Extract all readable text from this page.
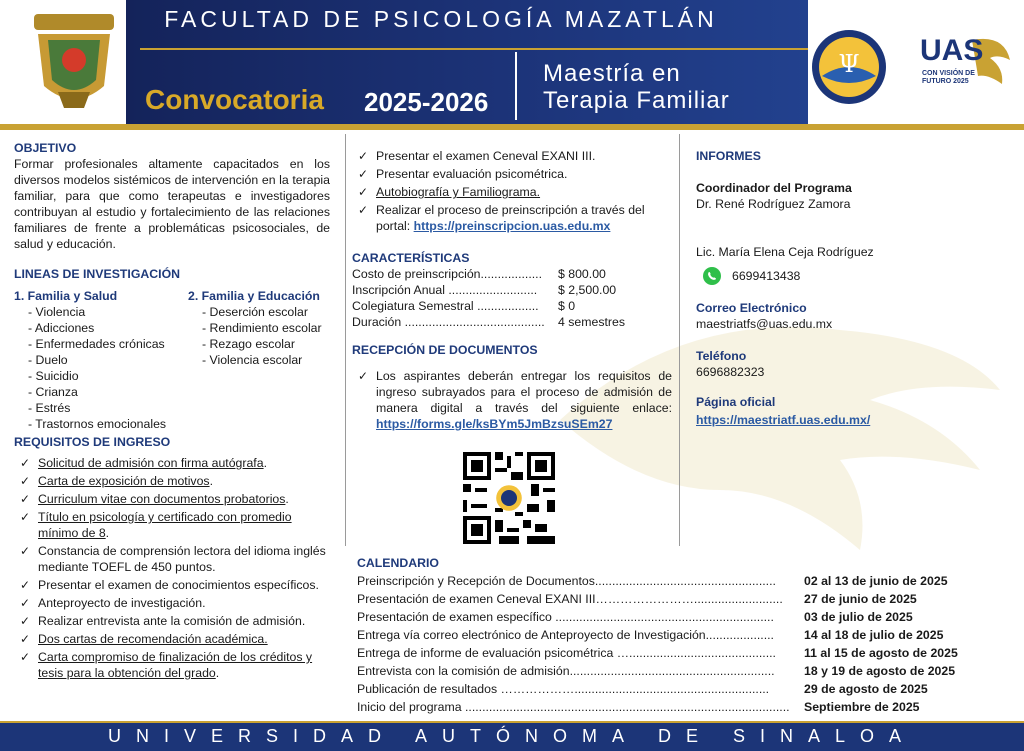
FACULTAD DE PSICOLOGÍA MAZATLÁN
Convocatoria 2025-2026
Maestría en
Terapia Familiar
Ψ UAS
CON VISIÓN DE FUTURO 2025
OBJETIVO
Formar profesionales altamente capacitados en los diversos modelos sistémicos de intervención en la terapia familiar, para que como terapeutas e investigadores contribuyan al estudio y fortalecimiento de las relaciones familiares de frente a problemáticas psicosociales, de salud y educación.
LINEAS DE INVESTIGACIÓN
1. Familia y Salud
- Violencia
- Adicciones
- Enfermedades crónicas
- Duelo
- Suicidio
- Crianza
- Estrés
- Trastornos emocionales
2. Familia y Educación
- Deserción escolar
- Rendimiento escolar
- Rezago escolar
- Violencia escolar
REQUISITOS DE INGRESO
✓ Solicitud de admisión con firma autógrafa.
✓ Carta de exposición de motivos.
✓ Curriculum vitae con documentos probatorios.
✓ Título en psicología y certificado con promedio mínimo de 8.
✓ Constancia de comprensión lectora del idioma inglés mediante TOEFL de 450 puntos.
✓ Presentar el examen de conocimientos específicos.
✓ Anteproyecto de investigación.
✓ Realizar entrevista ante la comisión de admisión.
✓ Dos cartas de recomendación académica.
✓ Carta compromiso de finalización de los créditos y tesis para la obtención del grado.
✓ Presentar el examen Ceneval EXANI III.
✓ Presentar evaluación psicométrica.
✓ Autobiografía y Familiograma.
✓ Realizar el proceso de preinscripción a través del portal: https://preinscripcion.uas.edu.mx
CARACTERÍSTICAS
Costo de preinscripción..................	$ 800.00
Inscripción Anual ..........................	$ 2,500.00
Colegiatura Semestral ..................	$ 0
Duración .........................................	4 semestres
RECEPCIÓN DE DOCUMENTOS
✓ Los aspirantes deberán entregar los requisitos de ingreso subrayados para el proceso de admisión de manera digital a través del siguiente enlace: https://forms.gle/ksBYm5JmBzsuSEm27
INFORMES
Coordinador del Programa
Dr. René Rodríguez Zamora
Lic. María Elena Ceja Rodríguez
6699413438
Correo Electrónico
maestriatfs@uas.edu.mx
Teléfono
6696882323
Página oficial
https://maestriatf.uas.edu.mx/
CALENDARIO
Preinscripción y Recepción de Documentos..................................................... 02 al 13 de junio de 2025
Presentación de examen Ceneval EXANI III…………………….......................... 27 de junio de 2025
Presentación de examen específico ................................................................ 03 de julio de 2025
Entrega vía correo electrónico de Anteproyecto de Investigación.................... 14 al 18 de julio de 2025
Entrega de informe de evaluación psicométrica …........................................... 11 al 15 de agosto de 2025
Entrevista con la comisión de admisión............................................................ 18 y 19 de agosto de 2025
Publicación de resultados ……………….........................................................	29 de agosto de 2025
Inicio del programa ............................................................................................... Septiembre de 2025
UNIVERSIDAD AUTÓNOMA DE SINALOA
